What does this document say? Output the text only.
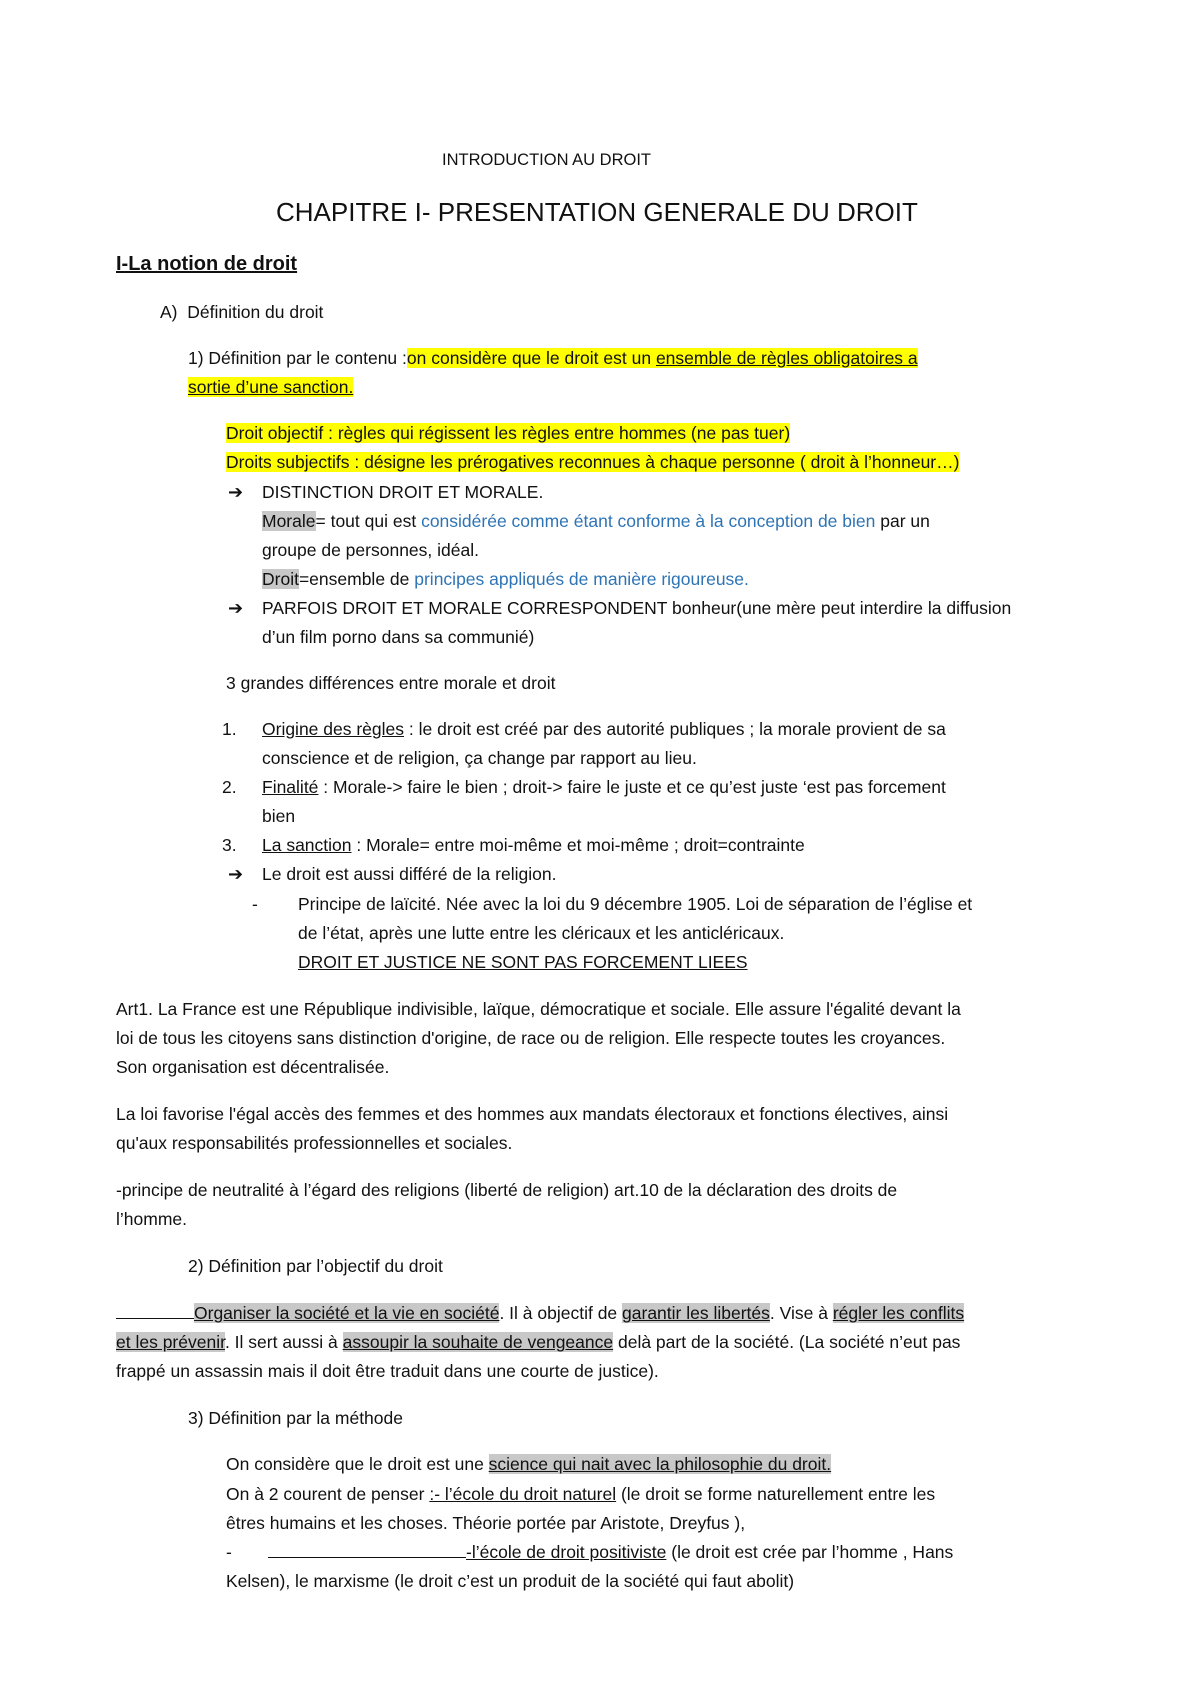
INTRODUCTION AU DROIT
CHAPITRE I- PRESENTATION GENERALE DU DROIT
I-La notion de droit
A) Définition du droit
1) Définition par le contenu :on considère que le droit est un ensemble de règles obligatoires a
sortie d’une sanction.
Droit objectif : règles qui régissent les règles entre hommes (ne pas tuer)
Droits subjectifs : désigne les prérogatives reconnues à chaque personne ( droit à l’honneur…)
➔ DISTINCTION DROIT ET MORALE.
Morale= tout qui est considérée comme étant conforme à la conception de bien par un
groupe de personnes, idéal.
Droit=ensemble de principes appliqués de manière rigoureuse.
➔ PARFOIS DROIT ET MORALE CORRESPONDENT bonheur(une mère peut interdire la diffusion
d’un film porno dans sa communié)
3 grandes différences entre morale et droit
1. Origine des règles : le droit est créé par des autorité publiques ; la morale provient de sa
conscience et de religion, ça change par rapport au lieu.
2. Finalité : Morale-> faire le bien ; droit-> faire le juste et ce qu’est juste ‘est pas forcement
bien
3. La sanction : Morale= entre moi-même et moi-même ; droit=contrainte
➔ Le droit est aussi différé de la religion.
- Principe de laïcité. Née avec la loi du 9 décembre 1905. Loi de séparation de l’église et
de l’état, après une lutte entre les cléricaux et les anticléricaux.
DROIT ET JUSTICE NE SONT PAS FORCEMENT LIEES
Art1. La France est une République indivisible, laïque, démocratique et sociale. Elle assure l'égalité devant la
loi de tous les citoyens sans distinction d'origine, de race ou de religion. Elle respecte toutes les croyances.
Son organisation est décentralisée.
La loi favorise l'égal accès des femmes et des hommes aux mandats électoraux et fonctions électives, ainsi
qu'aux responsabilités professionnelles et sociales.
-principe de neutralité à l’égard des religions (liberté de religion) art.10 de la déclaration des droits de
l’homme.
2) Définition par l’objectif du droit
Organiser la société et la vie en société. Il à objectif de garantir les libertés. Vise à régler les conflits
et les prévenir. Il sert aussi à assoupir la souhaite de vengeance delà part de la société. (La société n’eut pas
frappé un assassin mais il doit être traduit dans une courte de justice).
3) Définition par la méthode
On considère que le droit est une science qui nait avec la philosophie du droit.
On à 2 courent de penser :- l’école du droit naturel (le droit se forme naturellement entre les
êtres humains et les choses. Théorie portée par Aristote, Dreyfus ),
-	-l’école de droit positiviste (le droit est crée par l’homme , Hans
Kelsen), le marxisme (le droit c’est un produit de la société qui faut abolit)
